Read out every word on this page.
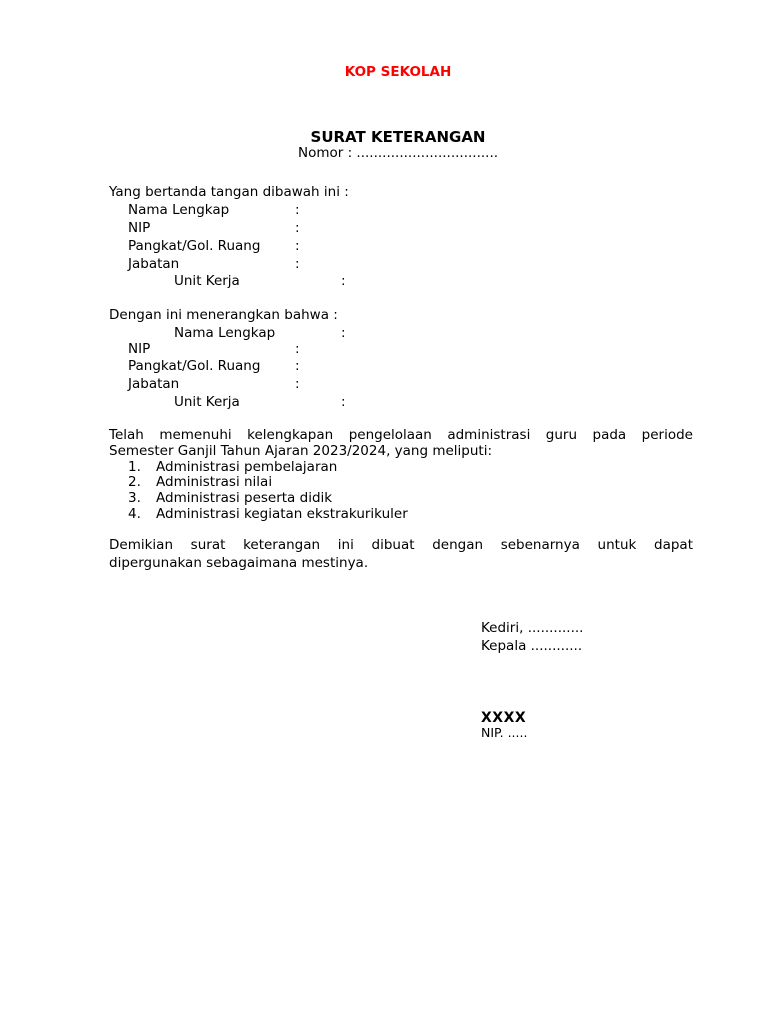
KOP SEKOLAH
SURAT KETERANGAN
Nomor : .................................
Yang bertanda tangan dibawah ini :
Nama Lengkap	:
NIP	:
Pangkat/Gol. Ruang	:
Jabatan	:
Unit Kerja	:
Dengan ini menerangkan bahwa :
Nama Lengkap	:
NIP	:
Pangkat/Gol. Ruang	:
Jabatan	:
Unit Kerja	:
Telah memenuhi kelengkapan pengelolaan administrasi guru pada periode
Semester Ganjil Tahun Ajaran 2023/2024, yang meliputi:
1. Administrasi pembelajaran
2. Administrasi nilai
3. Administrasi peserta didik
4. Administrasi kegiatan ekstrakurikuler
Demikian surat keterangan ini dibuat dengan sebenarnya untuk dapat
dipergunakan sebagaimana mestinya.
Kediri, .............
Kepala ............
XXXX
NIP. .....
